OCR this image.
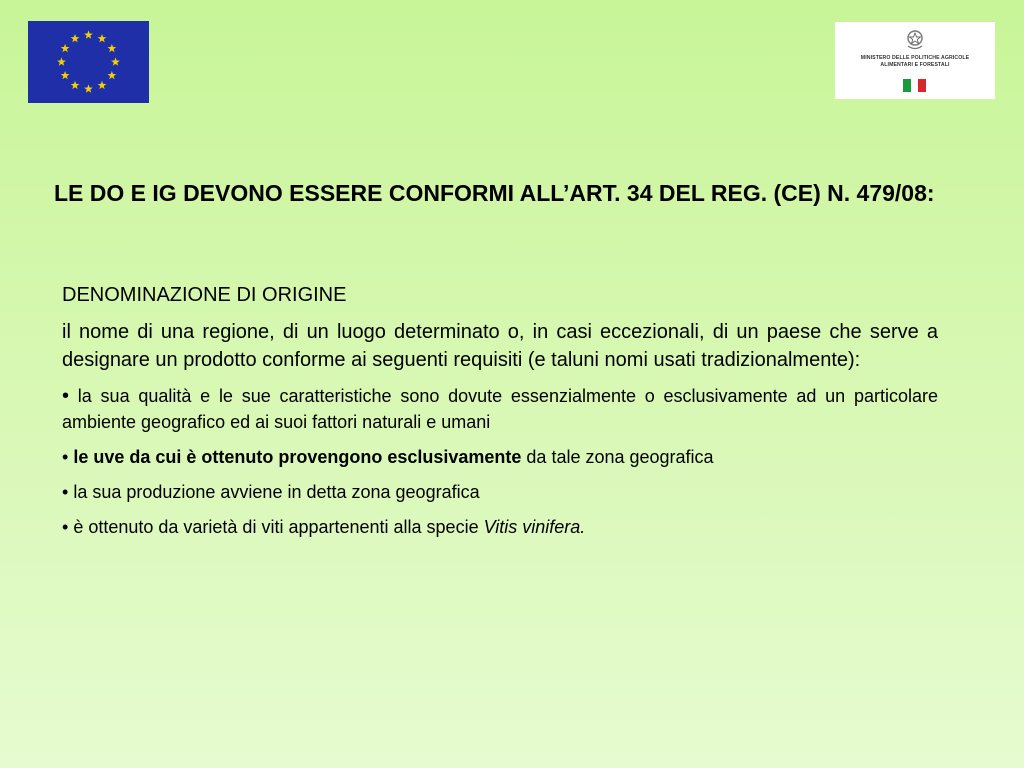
MINISTERO DELLE POLITICHE AGRICOLE
ALIMENTARI E FORESTALI
LE DO E IG DEVONO ESSERE CONFORMI ALL’ART. 34 DEL REG. (CE) N. 479/08:

DENOMINAZIONE DI ORIGINE

il nome di una regione, di un luogo determinato o, in casi eccezionali, di un paese che serve a designare un prodotto conforme ai seguenti requisiti (e taluni nomi usati tradizionalmente):

• la sua qualità e le sue caratteristiche sono dovute essenzialmente o esclusivamente ad un particolare ambiente geografico ed ai suoi fattori naturali e umani
• le uve da cui è ottenuto provengono esclusivamente da tale zona geografica
• la sua produzione avviene in detta zona geografica
• è ottenuto da varietà di viti appartenenti alla specie Vitis vinifera.
